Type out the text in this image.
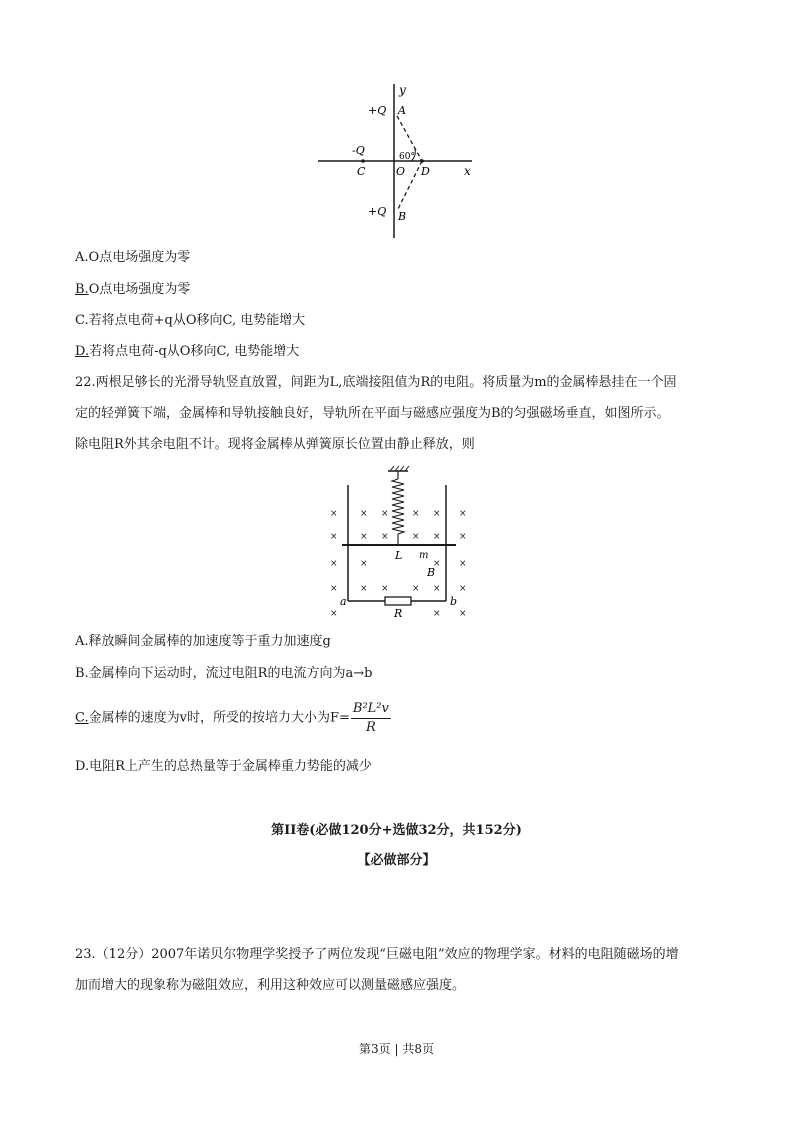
y
x
+Q A
-Q
C	O
60°
D
+Q B
A.O点电场强度为零
B.O点电场强度为零
C.若将点电荷+q从O移向C, 电势能增大
D.若将点电荷-q从O移向C, 电势能增大
22.两根足够长的光滑导轨竖直放置，间距为L,底端接阻值为R的电阻。将质量为m的金属棒悬挂在一个固
定的轻弹簧下端，金属棒和导轨接触良好，导轨所在平面与磁感应强度为B的匀强磁场垂直，如图所示。
除电阻R外其余电阻不计。现将金属棒从弹簧原长位置由静止释放，则
× × ×	× × ×
× × ×	× × ×
× ×	× ×
× × ×	× × ×
×	× ×
L m
B
a	b
R
A.释放瞬间金属棒的加速度等于重力加速度g
B.金属棒向下运动时，流过电阻R的电流方向为a→b
C.金属棒的速度为v时，所受的按培力大小为$F= \frac{\text{B²L²v}}{R}$
D.电阻R上产生的总热量等于金属棒重力势能的减少
第II卷(必做120分+选做32分，共152分)
【必做部分】
23.（12分）2007年诺贝尔物理学奖授予了两位发现“巨磁电阻”效应的物理学家。材料的电阻随磁场的增
加而增大的现象称为磁阻效应，利用这种效应可以测量磁感应强度。
第3页 | 共8页
